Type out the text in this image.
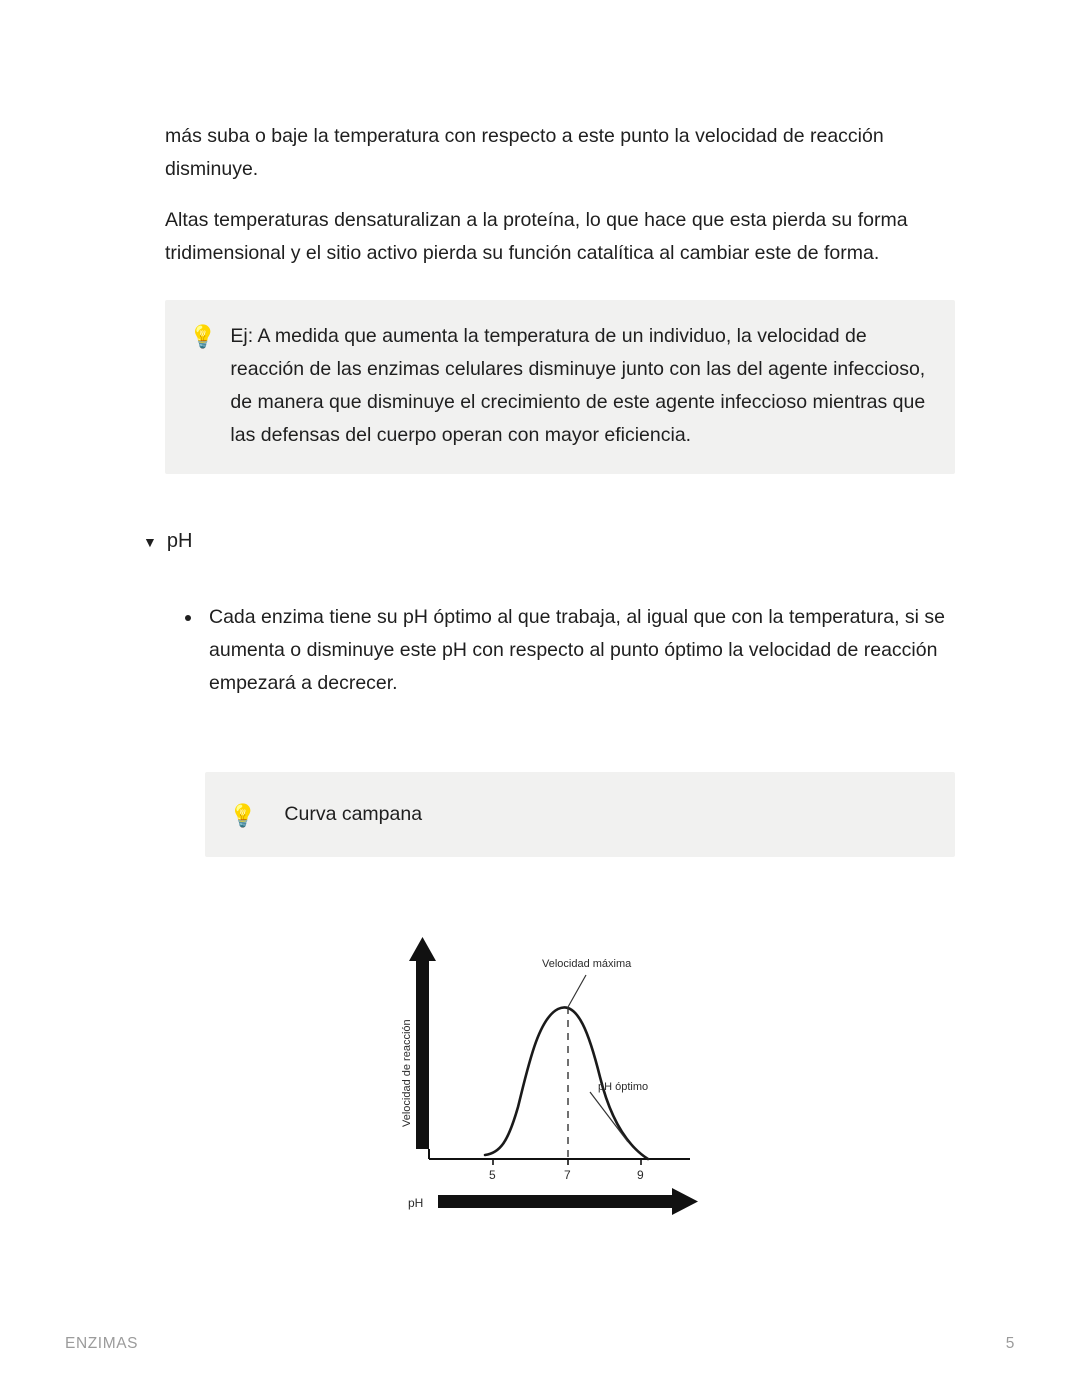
más suba o baje la temperatura con respecto a este punto la velocidad de reacción disminuye.

Altas temperaturas densaturalizan a la proteína, lo que hace que esta pierda su forma tridimensional y el sitio activo pierda su función catalítica al cambiar este de forma.

💡 Ej: A medida que aumenta la temperatura de un individuo, la velocidad de reacción de las enzimas celulares disminuye junto con las del agente infeccioso, de manera que disminuye el crecimiento de este agente infeccioso mientras que las defensas del cuerpo operan con mayor eficiencia.
▼ pH
• Cada enzima tiene su pH óptimo al que trabaja, al igual que con la temperatura, si se aumenta o disminuye este pH con respecto al punto óptimo la velocidad de reacción empezará a decrecer.
💡	Curva campana
Velocidad máxima
pH óptimo
5	7	9
pH
Velocidad de reacción
ENZIMAS	5
